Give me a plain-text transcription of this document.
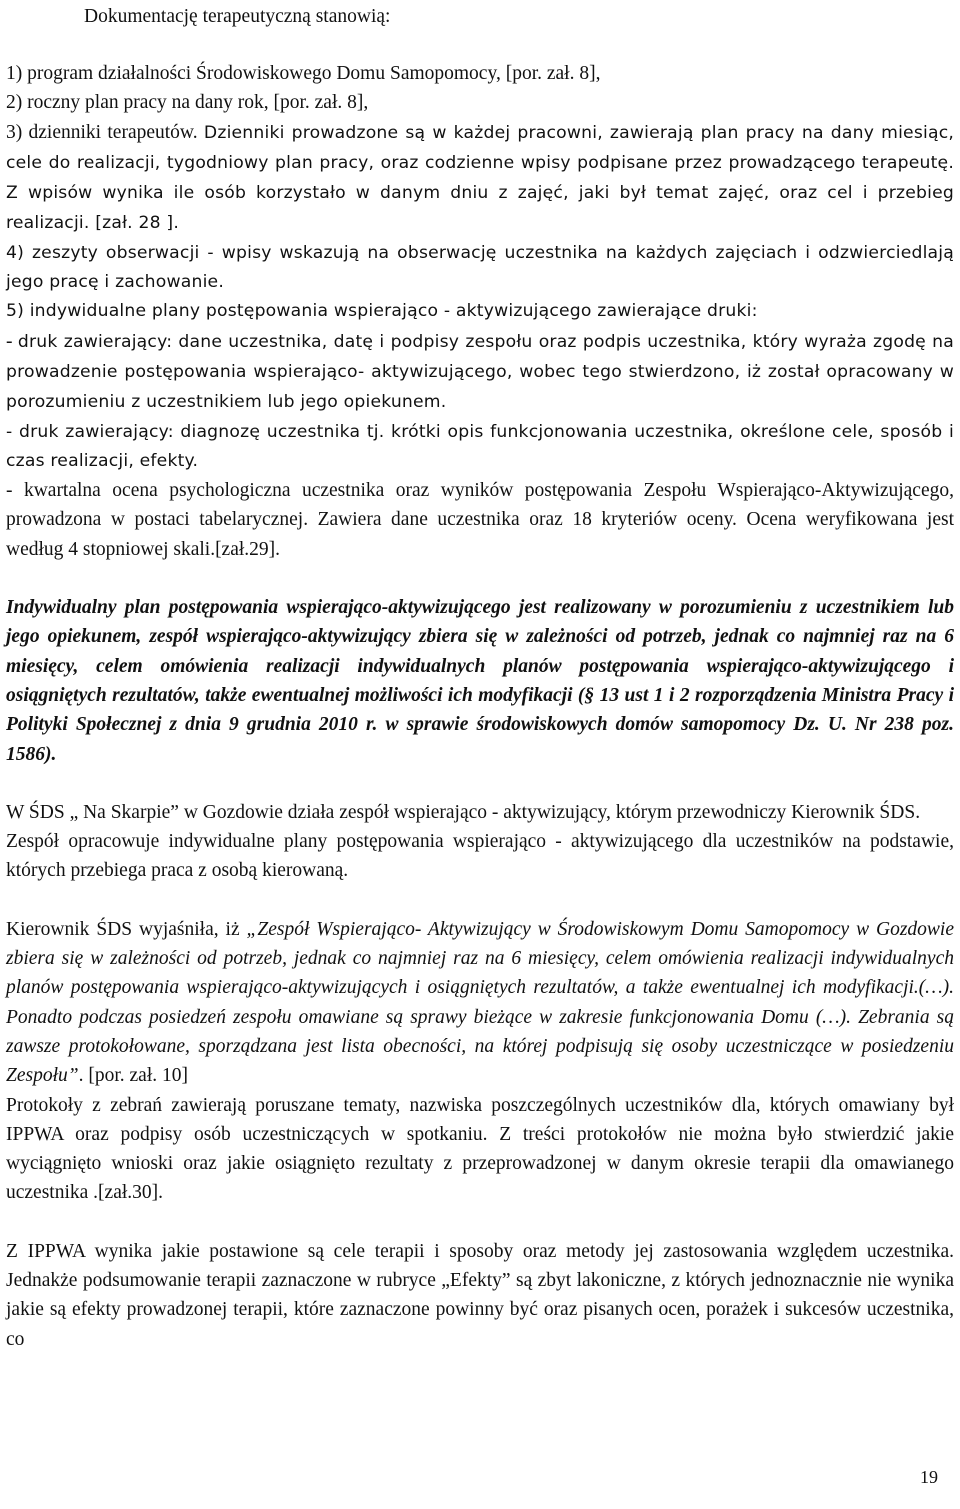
Dokumentację terapeutyczną stanowią:

1) program działalności Środowiskowego Domu Samopomocy, [por. zał. 8],

2) roczny plan pracy na dany rok, [por. zał. 8],

3) dzienniki terapeutów. Dzienniki prowadzone są w każdej pracowni, zawierają plan pracy na dany miesiąc, cele do realizacji, tygodniowy plan pracy, oraz codzienne wpisy podpisane przez prowadzącego terapeutę. Z wpisów wynika ile osób korzystało w danym dniu z zajęć, jaki był temat zajęć, oraz cel i przebieg realizacji. [zał. 28 ].

4) zeszyty obserwacji - wpisy wskazują na obserwację uczestnika na każdych zajęciach i odzwierciedlają jego pracę i zachowanie.

5) indywidualne plany postępowania wspierająco - aktywizującego zawierające druki:

- druk zawierający: dane uczestnika, datę i podpisy zespołu oraz podpis uczestnika, który wyraża zgodę na prowadzenie postępowania wspierająco- aktywizującego, wobec tego stwierdzono, iż został opracowany w porozumieniu z uczestnikiem lub jego opiekunem.

- druk zawierający: diagnozę uczestnika tj. krótki opis funkcjonowania uczestnika, określone cele, sposób i czas realizacji, efekty.

- kwartalna ocena psychologiczna uczestnika oraz wyników postępowania Zespołu Wspierająco-Aktywizującego, prowadzona w postaci tabelarycznej. Zawiera dane uczestnika oraz 18 kryteriów oceny. Ocena weryfikowana jest według 4 stopniowej skali.[zał.29].

Indywidualny plan postępowania wspierająco-aktywizującego jest realizowany w porozumieniu z uczestnikiem lub jego opiekunem, zespół wspierająco-aktywizujący zbiera się w zależności od potrzeb, jednak co najmniej raz na 6 miesięcy, celem omówienia realizacji indywidualnych planów postępowania wspierająco-aktywizującego i osiągniętych rezultatów, także ewentualnej możliwości ich modyfikacji (§ 13 ust 1 i 2 rozporządzenia Ministra Pracy i Polityki Społecznej z dnia 9 grudnia 2010 r. w sprawie środowiskowych domów samopomocy Dz. U. Nr 238 poz. 1586).

W ŚDS „ Na Skarpie” w Gozdowie działa zespół wspierająco - aktywizujący, którym przewodniczy Kierownik ŚDS.

Zespół opracowuje indywidualne plany postępowania wspierająco - aktywizującego dla uczestników na podstawie, których przebiega praca z osobą kierowaną.

Kierownik ŚDS wyjaśniła, iż „Zespół Wspierająco- Aktywizujący w Środowiskowym Domu Samopomocy w Gozdowie zbiera się w zależności od potrzeb, jednak co najmniej raz na 6 miesięcy, celem omówienia realizacji indywidualnych planów postępowania wspierająco-aktywizujących i osiągniętych rezultatów, a także ewentualnej ich modyfikacji.(…). Ponadto podczas posiedzeń zespołu omawiane są sprawy bieżące w zakresie funkcjonowania Domu (…). Zebrania są zawsze protokołowane, sporządzana jest lista obecności, na której podpisują się osoby uczestniczące w posiedzeniu Zespołu”. [por. zał. 10]

Protokoły z zebrań zawierają poruszane tematy, nazwiska poszczególnych uczestników dla, których omawiany był IPPWA oraz podpisy osób uczestniczących w spotkaniu. Z treści protokołów nie można było stwierdzić jakie wyciągnięto wnioski oraz jakie osiągnięto rezultaty z przeprowadzonej w danym okresie terapii dla omawianego uczestnika .[zał.30].

Z IPPWA wynika jakie postawione są cele terapii i sposoby oraz metody jej zastosowania względem uczestnika. Jednakże podsumowanie terapii zaznaczone w rubryce „Efekty” są zbyt lakoniczne, z których jednoznacznie nie wynika jakie są efekty prowadzonej terapii, które zaznaczone powinny być oraz pisanych ocen, porażek i sukcesów uczestnika, co

19
